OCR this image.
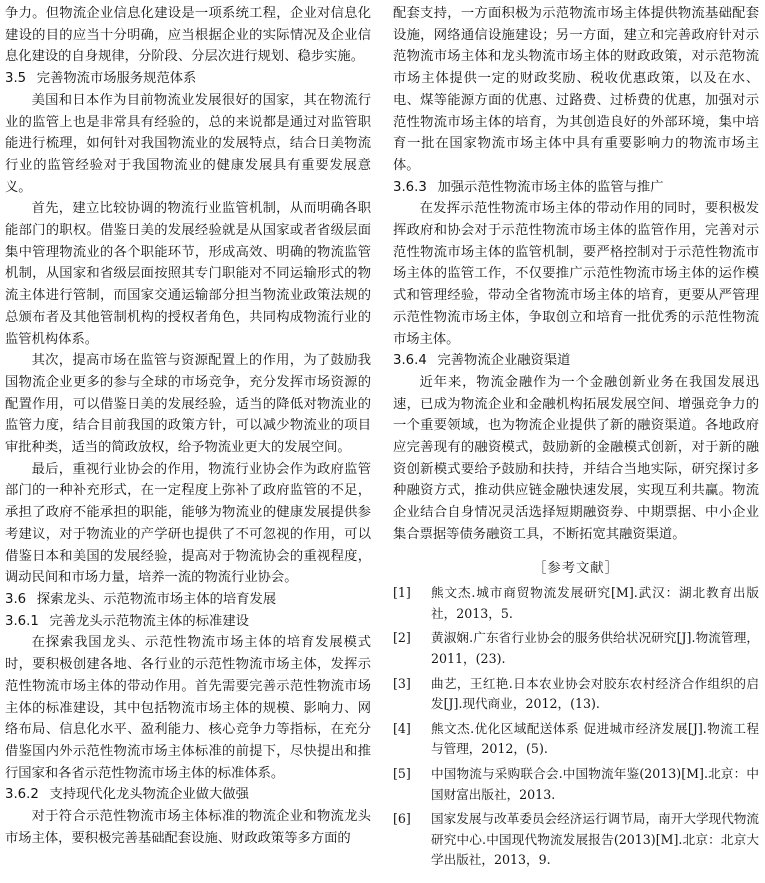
争力。但物流企业信息化建设是一项系统工程，企业对信息化建设的目的应当十分明确，应当根据企业的实际情况及企业信息化建设的自身规律，分阶段、分层次进行规划、稳步实施。

3.5 完善物流市场服务规范体系

美国和日本作为目前物流业发展很好的国家，其在物流行业的监管上也是非常具有经验的，总的来说都是通过对监管职能进行梳理，如何针对我国物流业的发展特点，结合日美物流行业的监管经验对于我国物流业的健康发展具有重要发展意义。

首先，建立比较协调的物流行业监管机制，从而明确各职能部门的职权。借鉴日美的发展经验就是从国家或者省级层面集中管理物流业的各个职能环节，形成高效、明确的物流监管机制，从国家和省级层面按照其专门职能对不同运输形式的物流主体进行管制，而国家交通运输部分担当物流业政策法规的总颁布者及其他管制机构的授权者角色，共同构成物流行业的监管机构体系。

其次，提高市场在监管与资源配置上的作用，为了鼓励我国物流企业更多的参与全球的市场竞争，充分发挥市场资源的配置作用，可以借鉴日美的发展经验，适当的降低对物流业的监管力度，结合目前我国的政策方针，可以减少物流业的项目审批种类，适当的简政放权，给予物流业更大的发展空间。

最后，重视行业协会的作用，物流行业协会作为政府监管部门的一种补充形式，在一定程度上弥补了政府监管的不足，承担了政府不能承担的职能，能够为物流业的健康发展提供参考建议，对于物流业的产学研也提供了不可忽视的作用，可以借鉴日本和美国的发展经验，提高对于物流协会的重视程度，调动民间和市场力量，培养一流的物流行业协会。

3.6 探索龙头、示范物流市场主体的培育发展
3.6.1 完善龙头示范物流主体的标准建设

在探索我国龙头、示范性物流市场主体的培育发展模式时，要积极创建各地、各行业的示范性物流市场主体，发挥示范性物流市场主体的带动作用。首先需要完善示范性物流市场主体的标准建设，其中包括物流市场主体的规模、影响力、网络布局、信息化水平、盈利能力、核心竞争力等指标，在充分借鉴国内外示范性物流市场主体标准的前提下，尽快提出和推行国家和各省示范性物流市场主体的标准体系。

3.6.2 支持现代化龙头物流企业做大做强

对于符合示范性物流市场主体标准的物流企业和物流龙头市场主体，要积极完善基础配套设施、财政政策等多方面的

配套支持，一方面积极为示范物流市场主体提供物流基础配套设施，网络通信设施建设；另一方面，建立和完善政府针对示范物流市场主体和龙头物流市场主体的财政政策，对示范物流市场主体提供一定的财政奖励、税收优惠政策，以及在水、电、煤等能源方面的优惠、过路费、过桥费的优惠，加强对示范性物流市场主体的培育，为其创造良好的外部环境，集中培育一批在国家物流市场主体中具有重要影响力的物流市场主体。

3.6.3 加强示范性物流市场主体的监管与推广

在发挥示范性物流市场主体的带动作用的同时，要积极发挥政府和协会对于示范性物流市场主体的监管作用，完善对示范性物流市场主体的监管机制，要严格控制对于示范性物流市场主体的监管工作，不仅要推广示范性物流市场主体的运作模式和管理经验，带动全省物流市场主体的培育，更要从严管理示范性物流市场主体，争取创立和培育一批优秀的示范性物流市场主体。

3.6.4 完善物流企业融资渠道

近年来，物流金融作为一个金融创新业务在我国发展迅速，已成为物流企业和金融机构拓展发展空间、增强竞争力的一个重要领域，也为物流企业提供了新的融资渠道。各地政府应完善现有的融资模式，鼓励新的金融模式创新，对于新的融资创新模式要给予鼓励和扶持，并结合当地实际，研究探讨多种融资方式，推动供应链金融快速发展，实现互利共赢。物流企业结合自身情况灵活选择短期融资券、中期票据、中小企业集合票据等债务融资工具，不断拓宽其融资渠道。

［参考文献］
[1]	熊文杰.城市商贸物流发展研究[M].武汉：湖北教育出版社，2013，5.
[2]	黄淑娴.广东省行业协会的服务供给状况研究[J].物流管理，2011，(23).
[3]	曲艺，王红艳.日本农业协会对胶东农村经济合作组织的启发[J].现代商业，2012，(13).
[4]	熊文杰.优化区域配送体系 促进城市经济发展[J].物流工程与管理，2012，(5).
[5]	中国物流与采购联合会.中国物流年鉴(2013)[M].北京：中国财富出版社，2013.
[6]	国家发展与改革委员会经济运行调节局，南开大学现代物流研究中心.中国现代物流发展报告(2013)[M].北京：北京大学出版社，2013，9.
